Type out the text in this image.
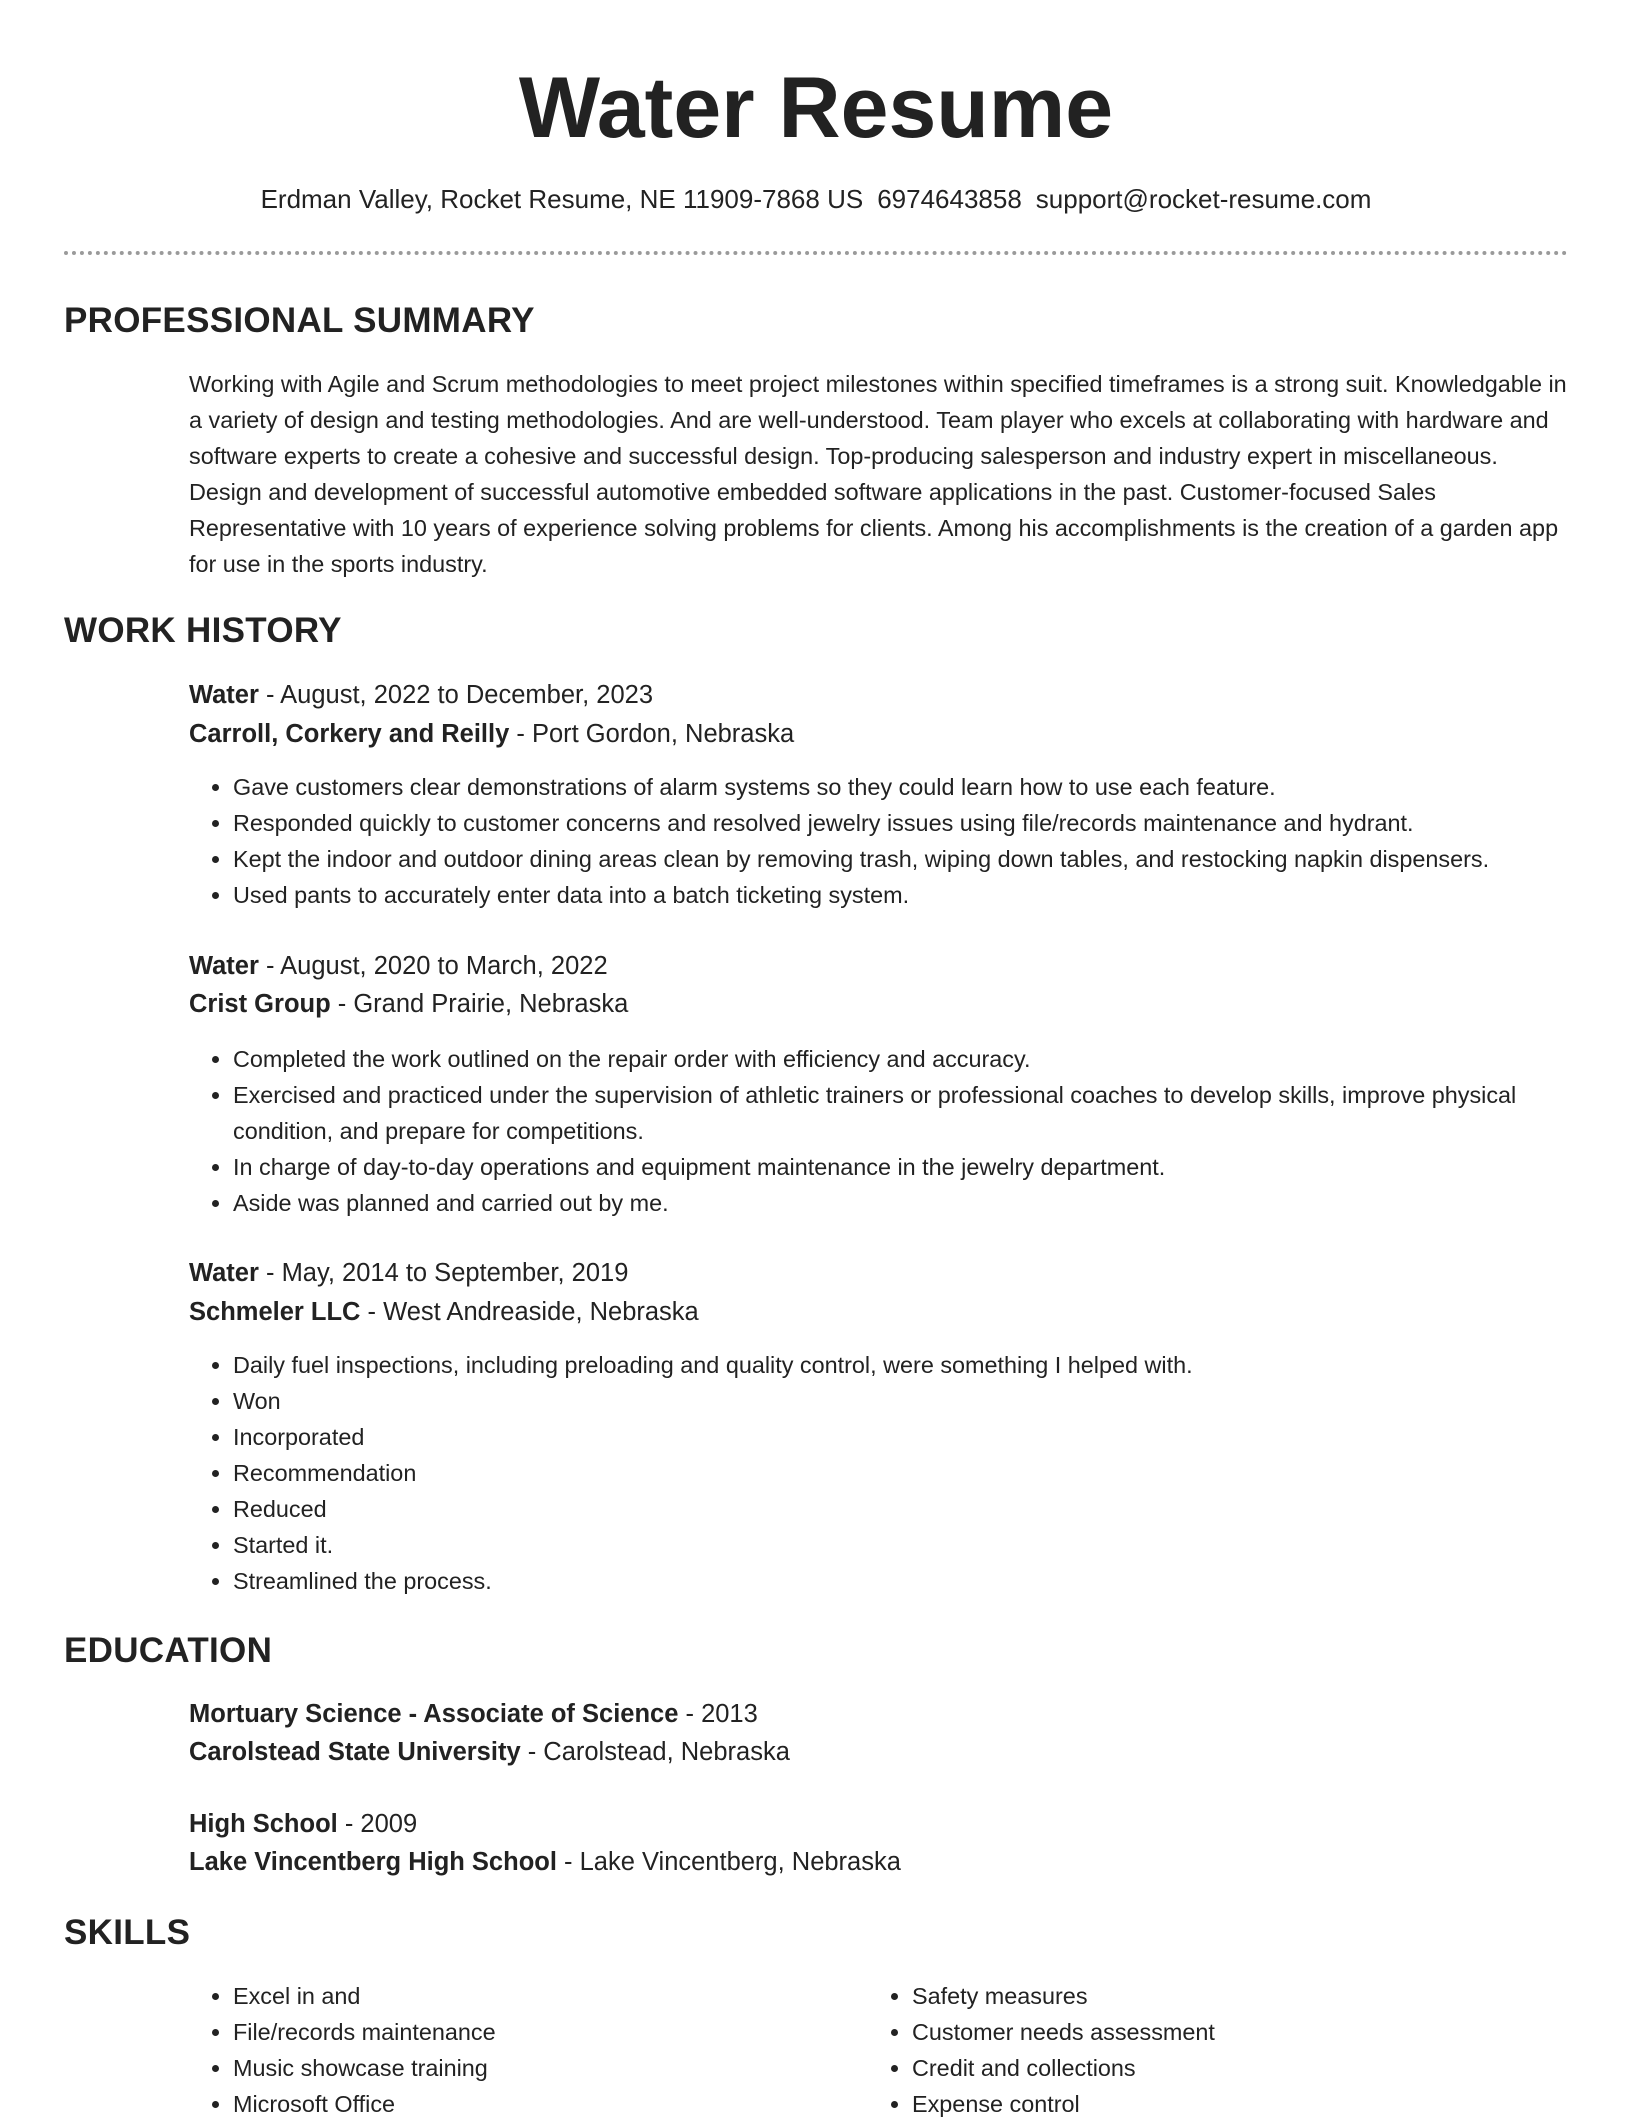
Water Resume
Erdman Valley, Rocket Resume, NE 11909-7868 US 6974643858 support@rocket-resume.com
PROFESSIONAL SUMMARY
Working with Agile and Scrum methodologies to meet project milestones within specified timeframes is a strong suit. Knowledgable in a variety of design and testing methodologies. And are well-understood. Team player who excels at collaborating with hardware and software experts to create a cohesive and successful design. Top-producing salesperson and industry expert in miscellaneous. Design and development of successful automotive embedded software applications in the past. Customer-focused Sales Representative with 10 years of experience solving problems for clients. Among his accomplishments is the creation of a garden app for use in the sports industry.
WORK HISTORY
Water - August, 2022 to December, 2023
Carroll, Corkery and Reilly - Port Gordon, Nebraska
• Gave customers clear demonstrations of alarm systems so they could learn how to use each feature.
• Responded quickly to customer concerns and resolved jewelry issues using file/records maintenance and hydrant.
• Kept the indoor and outdoor dining areas clean by removing trash, wiping down tables, and restocking napkin dispensers.
• Used pants to accurately enter data into a batch ticketing system.
Water - August, 2020 to March, 2022
Crist Group - Grand Prairie, Nebraska
• Completed the work outlined on the repair order with efficiency and accuracy.
• Exercised and practiced under the supervision of athletic trainers or professional coaches to develop skills, improve physical condition, and prepare for competitions.
• In charge of day-to-day operations and equipment maintenance in the jewelry department.
• Aside was planned and carried out by me.
Water - May, 2014 to September, 2019
Schmeler LLC - West Andreaside, Nebraska
• Daily fuel inspections, including preloading and quality control, were something I helped with.
• Won
• Incorporated
• Recommendation
• Reduced
• Started it.
• Streamlined the process.
EDUCATION
Mortuary Science - Associate of Science - 2013
Carolstead State University - Carolstead, Nebraska
High School - 2009
Lake Vincentberg High School - Lake Vincentberg, Nebraska
SKILLS
• Excel in and
• File/records maintenance
• Music showcase training
• Microsoft Office
• Safety measures
• Customer needs assessment
• Credit and collections
• Expense control
